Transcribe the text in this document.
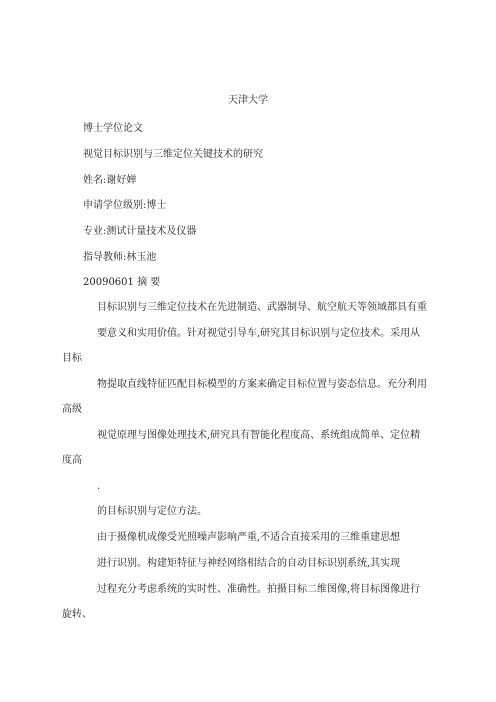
天津大学
博士学位论文
视觉目标识别与三维定位关键技术的研究
姓名:谢好婵
申请学位级别:博士
专业:测试计量技术及仪器
指导教师:林玉池
20090601 摘 要
目标识别与三维定位技术在先进制造、武器制导、航空航天等领域都具有重
要意义和实用价值。针对视觉引导车,研究其目标识别与定位技术。采用从
目标
物提取直线特征匹配目标模型的方案来确定目标位置与姿态信息。充分利用
高级
视觉原理与图像处理技术,研究具有智能化程度高、系统组成简单、定位精
度高
.
的目标识别与定位方法。
由于摄像机成像受光照噪声影响严重,不适合直接采用的三维重建思想
进行识别。构建矩特征与神经网络相结合的自动目标识别系统,其实现
过程充分考虑系统的实时性、准确性。拍摄目标二维图像,将目标图像进行
旋转、
